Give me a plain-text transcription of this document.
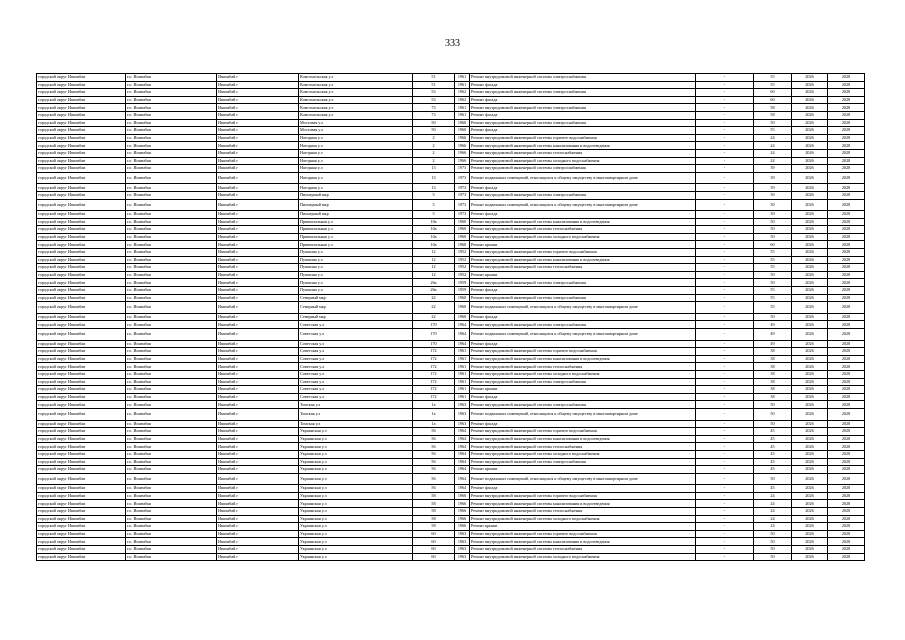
333
городской округ Ишимбаи	г.о. Ишимбаи	Ишимбай г	Комсомольская у.л	51	1961	Ремонт внутридомовой инженерной системы электроснабжения	-	55	2026	2028
городской округ Ишимбаи	г.о. Ишимбаи	Ишимбай г	Комсомольская у.л	51	1961	Ремонт фасада	-	55	2026	2028
городской округ Ишимбаи	г.о. Ишимбаи	Ишимбай г	Комсомольская у.л	53	1962	Ремонт внутридомовой инженерной системы электроснабжения	-	60	2026	2028
городской округ Ишимбаи	г.о. Ишимбаи	Ишимбай г	Комсомольская у.л	53	1962	Ремонт фасада	-	60	2026	2028
городской округ Ишимбаи	г.о. Ишимбаи	Ишимбай г	Комсомольская у.л	73	1961	Ремонт внутридомовой инженерной системы электроснабжения	-	58	2026	2028
городской округ Ишимбаи	г.о. Ишимбаи	Ишимбай г	Комсомольская у.л	73	1961	Ремонт фасада	-	58	2026	2028
городской округ Ишимбаи	г.о. Ишимбаи	Ишимбай г	Мостовая у.л	50	1960	Ремонт внутридомовой инженерной системы электроснабжения	-	50	2026	2028
городской округ Ишимбаи	г.о. Ишимбаи	Ишимбай г	Мостовая у.л	50	1960	Ремонт фасада	-	55	2026	2028
городской округ Ишимбаи	г.о. Ишимбаи	Ишимбай г	Нагорная у.л	2	1966	Ремонт внутридомовой инженерной системы горячего водоснабжения	-	24	2026	2028
городской округ Ишимбаи	г.о. Ишимбаи	Ишимбай г	Нагорная у.л	2	1966	Ремонт внутридомовой инженерной системы канализования и водоотведения	-	24	2026	2028
городской округ Ишимбаи	г.о. Ишимбаи	Ишимбай г	Нагорная у.л	2	1966	Ремонт внутридомовой инженерной системы теплоснабжения	-	24	2026	2028
городской округ Ишимбаи	г.о. Ишимбаи	Ишимбай г	Нагорная у.л	2	1966	Ремонт внутридомовой инженерной системы холодного водоснабжения	-	24	2026	2028
городской округ Ишимбаи	г.о. Ишимбаи	Ишимбай г	Нагорная у.л	13	1973	Ремонт внутридомовой инженерной системы электроснабжения	-	39	2026	2028
городской округ Ишимбаи	г.о. Ишимбаи	Ишимбай г	Нагорная у.л	13	1973	Ремонт подвальных помещений, относящихся к общему имуществу в многоквартирном доме	-	39	2026	2028
городской округ Ишимбаи	г.о. Ишимбаи	Ишимбай г	Нагорная у.л	13	1973	Ремонт фасада	-	39	2026	2028
городской округ Ишимбаи	г.о. Ишимбаи	Ишимбай г	Пионерный мкр	5	1973	Ремонт внутридомовой инженерной системы электроснабжения	-	30	2026	2028
городской округ Ишимбаи	г.о. Ишимбаи	Ишимбай г	Пионерный мкр	5	1973	Ремонт подвальных помещений, относящихся к общему имуществу в многоквартирном доме	-	30	2026	2028
городской округ Ишимбаи	г.о. Ишимбаи	Ишимбай г	Пионерный мкр	5	1973	Ремонт фасада	-	30	2026	2028
городской округ Ишимбаи	г.о. Ишимбаи	Ишимбай г	Привокзальная у.л	10а	1960	Ремонт внутридомовой инженерной системы канализования и водоотведения	-	50	2026	2028
городской округ Ишимбаи	г.о. Ишимбаи	Ишимбай г	Привокзальная у.л	10а	1960	Ремонт внутридомовой инженерной системы теплоснабжения	-	50	2026	2028
городской округ Ишимбаи	г.о. Ишимбаи	Ишимбай г	Привокзальная у.л	10а	1960	Ремонт внутридомовой инженерной системы холодного водоснабжения	-	50	2026	2028
городской округ Ишимбаи	г.о. Ишимбаи	Ишимбай г	Привокзальная у.л	10а	1960	Ремонт крыши	-	60	2026	2028
городской округ Ишимбаи	г.о. Ишимбаи	Ишимбай г	Пушкина у.л	12	1952	Ремонт внутридомовой инженерной системы горячего водоснабжения	-	55	2026	2028
городской округ Ишимбаи	г.о. Ишимбаи	Ишимбай г	Пушкина у.л	12	1952	Ремонт внутридомовой инженерной системы канализования и водоотведения	-	55	2026	2028
городской округ Ишимбаи	г.о. Ишимбаи	Ишимбай г	Пушкина у.л	12	1952	Ремонт внутридомовой инженерной системы теплоснабжения	-	55	2026	2028
городской округ Ишимбаи	г.о. Ишимбаи	Ишимбай г	Пушкина у.л	12	1952	Ремонт крыши	-	50	2026	2028
городской округ Ишимбаи	г.о. Ишимбаи	Ишимбай г	Пушкина у.л	26а	1959	Ремонт внутридомовой инженерной системы электроснабжения	-	50	2026	2028
городской округ Ишимбаи	г.о. Ишимбаи	Ишимбай г	Пушкина у.л	26а	1959	Ремонт фасада	-	55	2026	2028
городской округ Ишимбаи	г.о. Ишимбаи	Ишимбай г	Северный мкр	22	1960	Ремонт внутридомовой инженерной системы электроснабжения	-	55	2026	2028
городской округ Ишимбаи	г.о. Ишимбаи	Ишимбай г	Северный мкр	22	1960	Ремонт подвальных помещений, относящихся к общему имуществу в многоквартирном доме	-	55	2026	2028
городской округ Ишимбаи	г.о. Ишимбаи	Ишимбай г	Северный мкр	22	1960	Ремонт фасада	-	50	2026	2028
городской округ Ишимбаи	г.о. Ишимбаи	Ишимбай г	Советская у.л	170	1964	Ремонт внутридомовой инженерной системы электроснабжения	-	49	2026	2028
городской округ Ишимбаи	г.о. Ишимбаи	Ишимбай г	Советская у.л	170	1964	Ремонт подвальных помещений, относящихся к общему имуществу в многоквартирном доме	-	49	2026	2028
городской округ Ишимбаи	г.о. Ишимбаи	Ишимбай г	Советская у.л	170	1964	Ремонт фасада	-	49	2026	2028
городской округ Ишимбаи	г.о. Ишимбаи	Ишимбай г	Советская у.л	172	1961	Ремонт внутридомовой инженерной системы горячего водоснабжения	-	38	2026	2028
городской округ Ишимбаи	г.о. Ишимбаи	Ишимбай г	Советская у.л	172	1961	Ремонт внутридомовой инженерной системы канализования и водоотведения	-	38	2026	2028
городской округ Ишимбаи	г.о. Ишимбаи	Ишимбай г	Советская у.л	172	1961	Ремонт внутридомовой инженерной системы теплоснабжения	-	38	2026	2028
городской округ Ишимбаи	г.о. Ишимбаи	Ишимбай г	Советская у.л	172	1961	Ремонт внутридомовой инженерной системы холодного водоснабжения	-	38	2026	2028
городской округ Ишимбаи	г.о. Ишимбаи	Ишимбай г	Советская у.л	172	1961	Ремонт внутридомовой инженерной системы электроснабжения	-	38	2026	2028
городской округ Ишимбаи	г.о. Ишимбаи	Ишимбай г	Советская у.л	172	1961	Ремонт крыши	-	38	2026	2028
городской округ Ишимбаи	г.о. Ишимбаи	Ишимбай г	Советская у.л	172	1961	Ремонт фасада	-	38	2026	2028
городской округ Ишимбаи	г.о. Ишимбаи	Ишимбай г	Томская у.л	1а	1963	Ремонт внутридомовой инженерной системы электроснабжения	-	50	2026	2028
городской округ Ишимбаи	г.о. Ишимбаи	Ишимбай г	Томская у.л	1а	1963	Ремонт подвальных помещений, относящихся к общему имуществу в многоквартирном доме	-	50	2026	2028
городской округ Ишимбаи	г.о. Ишимбаи	Ишимбай г	Томская у.л	1а	1963	Ремонт фасада	-	50	2026	2028
городской округ Ишимбаи	г.о. Ишимбаи	Ишимбай г	Украинская у.л	56	1964	Ремонт внутридомовой инженерной системы горячего водоснабжения	-	45	2026	2028
городской округ Ишимбаи	г.о. Ишимбаи	Ишимбай г	Украинская у.л	56	1964	Ремонт внутридомовой инженерной системы канализования и водоотведения	-	45	2026	2028
городской округ Ишимбаи	г.о. Ишимбаи	Ишимбай г	Украинская у.л	56	1964	Ремонт внутридомовой инженерной системы теплоснабжения	-	45	2026	2028
городской округ Ишимбаи	г.о. Ишимбаи	Ишимбай г	Украинская у.л	56	1964	Ремонт внутридомовой инженерной системы холодного водоснабжения	-	45	2026	2028
городской округ Ишимбаи	г.о. Ишимбаи	Ишимбай г	Украинская у.л	56	1964	Ремонт внутридомовой инженерной системы электроснабжения	-	45	2026	2028
городской округ Ишимбаи	г.о. Ишимбаи	Ишимбай г	Украинская у.л	56	1964	Ремонт крыши	-	45	2026	2028
городской округ Ишимбаи	г.о. Ишимбаи	Ишимбай г	Украинская у.л	56	1964	Ремонт подвальных помещений, относящихся к общему имуществу в многоквартирном доме	-	50	2026	2028
городской округ Ишимбаи	г.о. Ишимбаи	Ишимбай г	Украинская у.л	56	1964	Ремонт фасада	-	45	2026	2028
городской округ Ишимбаи	г.о. Ишимбаи	Ишимбай г	Украинская у.л	58	1966	Ремонт внутридомовой инженерной системы горячего водоснабжения	-	24	2026	2028
городской округ Ишимбаи	г.о. Ишимбаи	Ишимбай г	Украинская у.л	58	1966	Ремонт внутридомовой инженерной системы канализования и водоотведения	-	24	2026	2028
городской округ Ишимбаи	г.о. Ишимбаи	Ишимбай г	Украинская у.л	58	1966	Ремонт внутридомовой инженерной системы теплоснабжения	-	24	2026	2028
городской округ Ишимбаи	г.о. Ишимбаи	Ишимбай г	Украинская у.л	58	1966	Ремонт внутридомовой инженерной системы холодного водоснабжения	-	24	2026	2028
городской округ Ишимбаи	г.о. Ишимбаи	Ишимбай г	Украинская у.л	58	1966	Ремонт крыши	-	24	2026	2028
городской округ Ишимбаи	г.о. Ишимбаи	Ишимбай г	Украинская у.л	60	1963	Ремонт внутридомовой инженерной системы горячего водоснабжения	-	50	2026	2028
городской округ Ишимбаи	г.о. Ишимбаи	Ишимбай г	Украинская у.л	60	1963	Ремонт внутридомовой инженерной системы канализования и водоотведения	-	50	2026	2028
городской округ Ишимбаи	г.о. Ишимбаи	Ишимбай г	Украинская у.л	60	1963	Ремонт внутридомовой инженерной системы теплоснабжения	-	50	2026	2028
городской округ Ишимбаи	г.о. Ишимбаи	Ишимбай г	Украинская у.л	60	1963	Ремонт внутридомовой инженерной системы холодного водоснабжения	-	50	2026	2028
